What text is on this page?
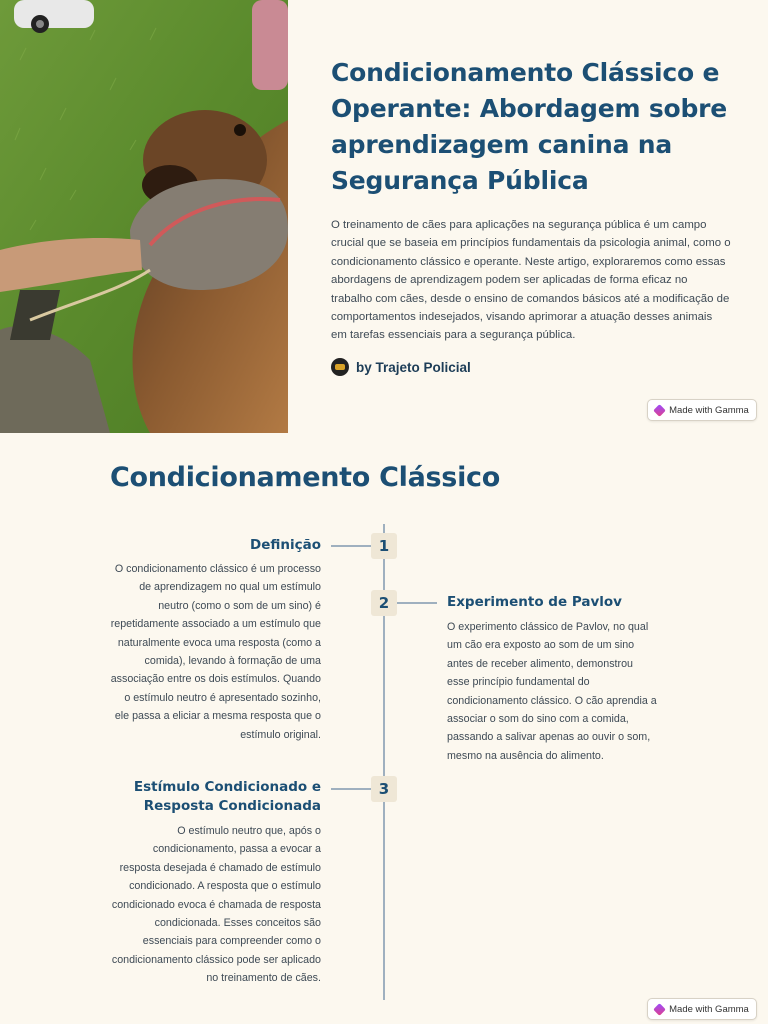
Condicionamento Clássico e Operante: Abordagem sobre aprendizagem canina na Segurança Pública

O treinamento de cães para aplicações na segurança pública é um campo crucial que se baseia em princípios fundamentais da psicologia animal, como o condicionamento clássico e operante. Neste artigo, exploraremos como essas abordagens de aprendizagem podem ser aplicadas de forma eficaz no trabalho com cães, desde o ensino de comandos básicos até a modificação de comportamentos indesejados, visando aprimorar a atuação desses animais em tarefas essenciais para a segurança pública.

by Trajeto Policial
Made with Gamma
Condicionamento Clássico
1
Definição

O condicionamento clássico é um processo de aprendizagem no qual um estímulo neutro (como o som de um sino) é repetidamente associado a um estímulo que naturalmente evoca uma resposta (como a comida), levando à formação de uma associação entre os dois estímulos. Quando o estímulo neutro é apresentado sozinho, ele passa a eliciar a mesma resposta que o estímulo original.

2	Experimento de Pavlov

O experimento clássico de Pavlov, no qual um cão era exposto ao som de um sino antes de receber alimento, demonstrou esse princípio fundamental do condicionamento clássico. O cão aprendia a associar o som do sino com a comida, passando a salivar apenas ao ouvir o som, mesmo na ausência do alimento.

3
Estímulo Condicionado e Resposta Condicionada

O estímulo neutro que, após o condicionamento, passa a evocar a resposta desejada é chamado de estímulo condicionado. A resposta que o estímulo condicionado evoca é chamada de resposta condicionada. Esses conceitos são essenciais para compreender como o condicionamento clássico pode ser aplicado no treinamento de cães.

Made with Gamma
